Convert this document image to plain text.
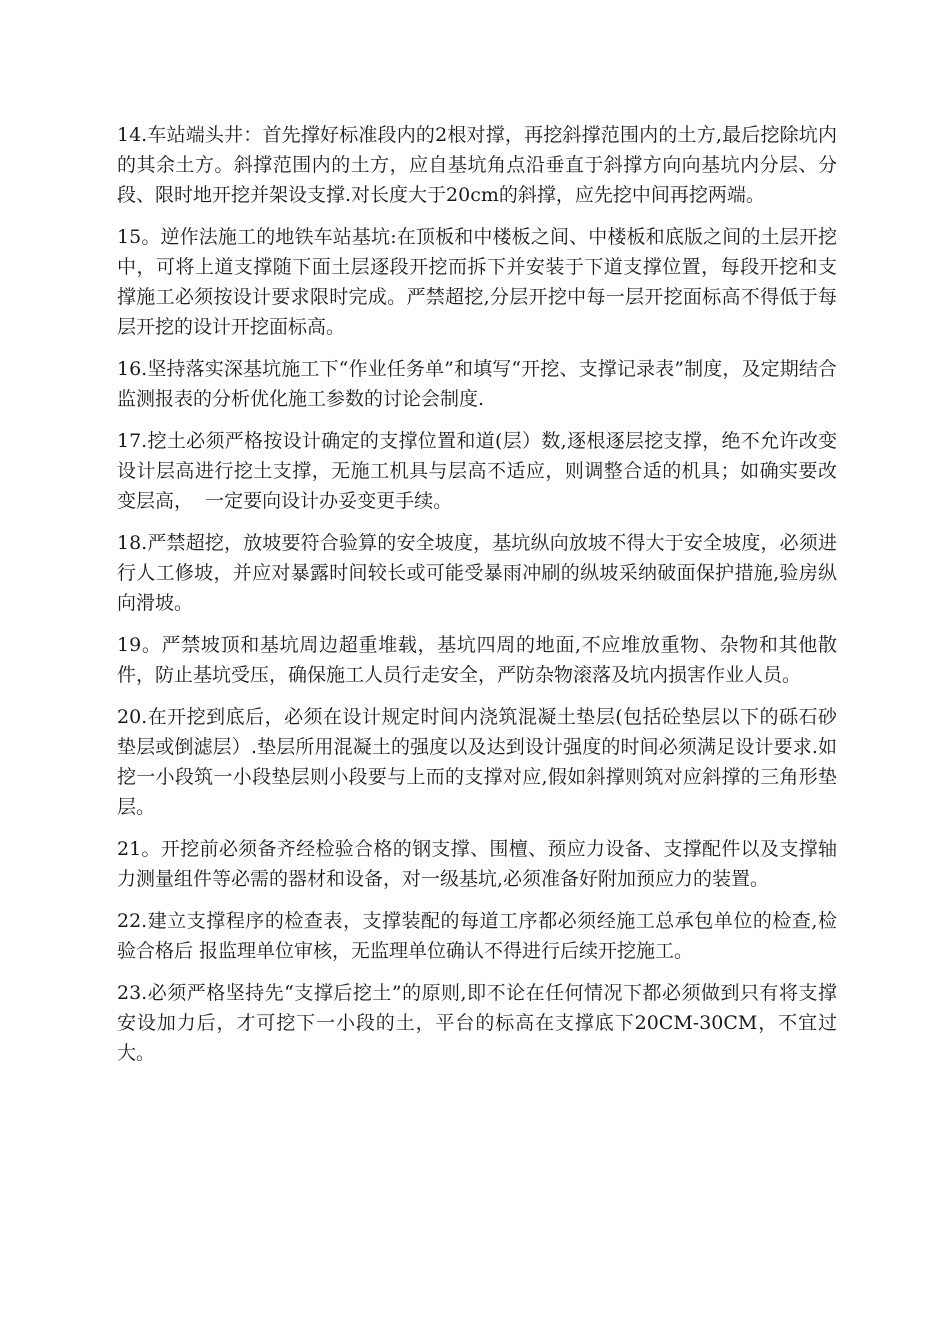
14.车站端头井：首先撑好标准段内的2根对撑，再挖斜撑范围内的土方,最后挖除坑内的其余土方。斜撑范围内的土方，应自基坑角点沿垂直于斜撑方向向基坑内分层、分段、限时地开挖并架设支撑.对长度大于20cm的斜撑，应先挖中间再挖两端。

15。逆作法施工的地铁车站基坑:在顶板和中楼板之间、中楼板和底版之间的土层开挖中，可将上道支撑随下面土层逐段开挖而拆下并安装于下道支撑位置，每段开挖和支撑施工必须按设计要求限时完成。严禁超挖,分层开挖中每一层开挖面标高不得低于每层开挖的设计开挖面标高。

16.坚持落实深基坑施工下“作业任务单”和填写“开挖、支撑记录表”制度，及定期结合监测报表的分析优化施工参数的讨论会制度.

17.挖土必须严格按设计确定的支撑位置和道(层）数,逐根逐层挖支撑，绝不允许改变设计层高进行挖土支撑，无施工机具与层高不适应，则调整合适的机具；如确实要改变层高，  一定要向设计办妥变更手续。

18.严禁超挖，放坡要符合验算的安全坡度，基坑纵向放坡不得大于安全坡度，必须进行人工修坡，并应对暴露时间较长或可能受暴雨冲刷的纵坡采纳破面保护措施,验房纵向滑坡。

19。严禁坡顶和基坑周边超重堆载，基坑四周的地面,不应堆放重物、杂物和其他散件，防止基坑受压，确保施工人员行走安全，严防杂物滚落及坑内损害作业人员。

20.在开挖到底后，必须在设计规定时间内浇筑混凝土垫层(包括砼垫层以下的砾石砂垫层或倒滤层）.垫层所用混凝土的强度以及达到设计强度的时间必须满足设计要求.如挖一小段筑一小段垫层则小段要与上而的支撑对应,假如斜撑则筑对应斜撑的三角形垫层。

21。开挖前必须备齐经检验合格的钢支撑、围檀、预应力设备、支撑配件以及支撑轴力测量组件等必需的器材和设备，对一级基坑,必须准备好附加预应力的装置。

22.建立支撑程序的检查表，支撑装配的每道工序都必须经施工总承包单位的检查,检验合格后 报监理单位审核，无监理单位确认不得进行后续开挖施工。

23.必须严格坚持先“支撑后挖土”的原则,即不论在任何情况下都必须做到只有将支撑安设加力后，才可挖下一小段的土，平台的标高在支撑底下20CM-30CM，不宜过大。
